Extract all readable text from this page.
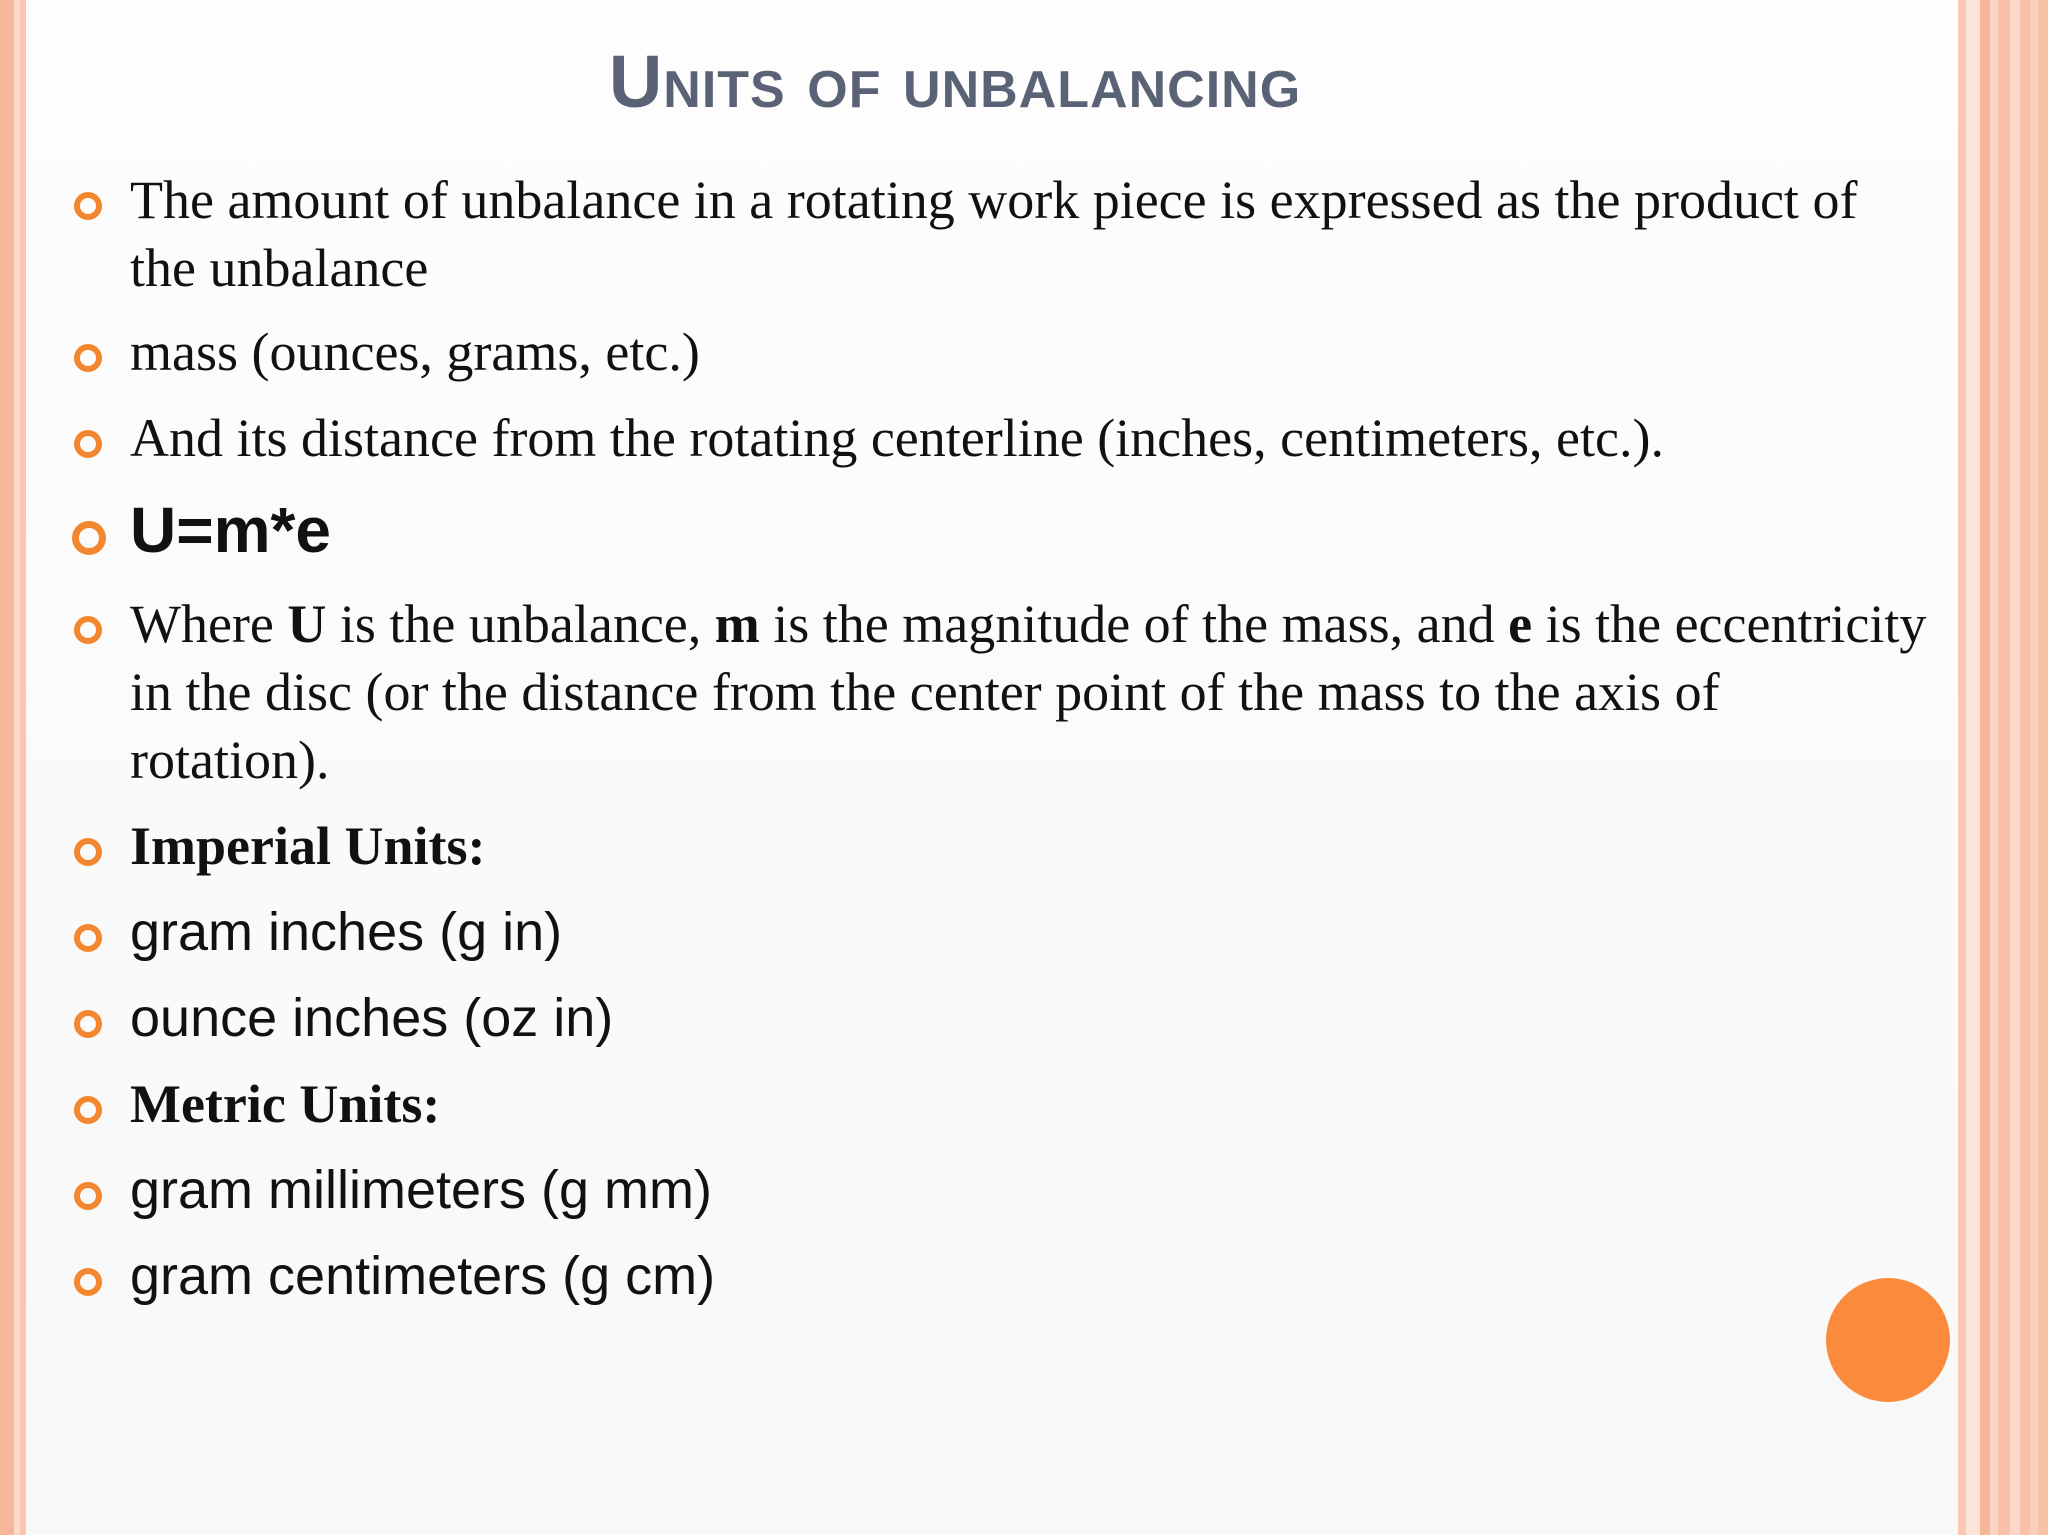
Units of unbalancing
The amount of unbalance in a rotating work piece is expressed as the product of the unbalance
mass (ounces, grams, etc.)
And its distance from the rotating centerline (inches, centimeters, etc.).
U=m*e
Where U is the unbalance, m is the magnitude of the mass, and e is the eccentricity in the disc (or the distance from the center point of the mass to the axis of rotation).
Imperial Units:
gram inches (g in)
ounce inches (oz in)
Metric Units:
gram millimeters (g mm)
gram centimeters (g cm)
